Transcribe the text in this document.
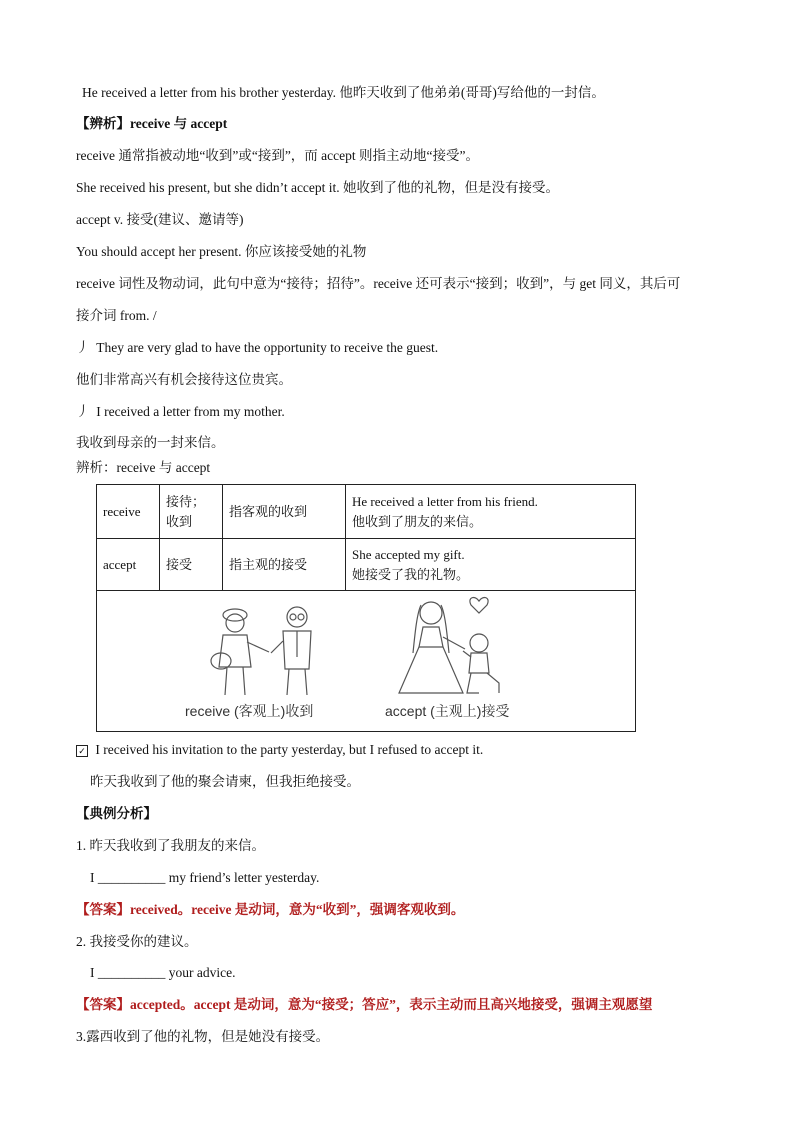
He received a letter from his brother yesterday. 他昨天收到了他弟弟(哥哥)写给他的一封信。
【辨析】receive 与 accept
receive 通常指被动地“收到”或“接到”，而 accept 则指主动地“接受”。
She received his present, but she didn’t accept it. 她收到了他的礼物，但是没有接受。
accept v. 接受(建议、邀请等)
You should accept her present. 你应该接受她的礼物
receive 词性及物动词，此句中意为“接待；招待”。receive 还可表示“接到；收到”，与 get 同义，其后可
接介词 from. /
丿 They are very glad to have the opportunity to receive the guest.
他们非常高兴有机会接待这位贵宾。
丿 I received a letter from my mother.
我收到母亲的一封来信。
辨析：receive 与 accept
receive	接待；收到	指客观的收到	He received a letter from his friend.
他收到了朋友的来信。

accept	接受	指主观的接受	She accepted my gift.
她接受了我的礼物。

receive (客观上)收到 accept (主观上)接受			
✓ I received his invitation to the party yesterday, but I refused to accept it.
昨天我收到了他的聚会请柬，但我拒绝接受。
【典例分析】
1. 昨天我收到了我朋友的来信。
I __________ my friend’s letter yesterday.
【答案】received。receive 是动词，意为“收到”，强调客观收到。
2. 我接受你的建议。
I __________ your advice.
【答案】accepted。accept 是动词，意为“接受；答应”，表示主动而且高兴地接受，强调主观愿望
3.露西收到了他的礼物，但是她没有接受。
